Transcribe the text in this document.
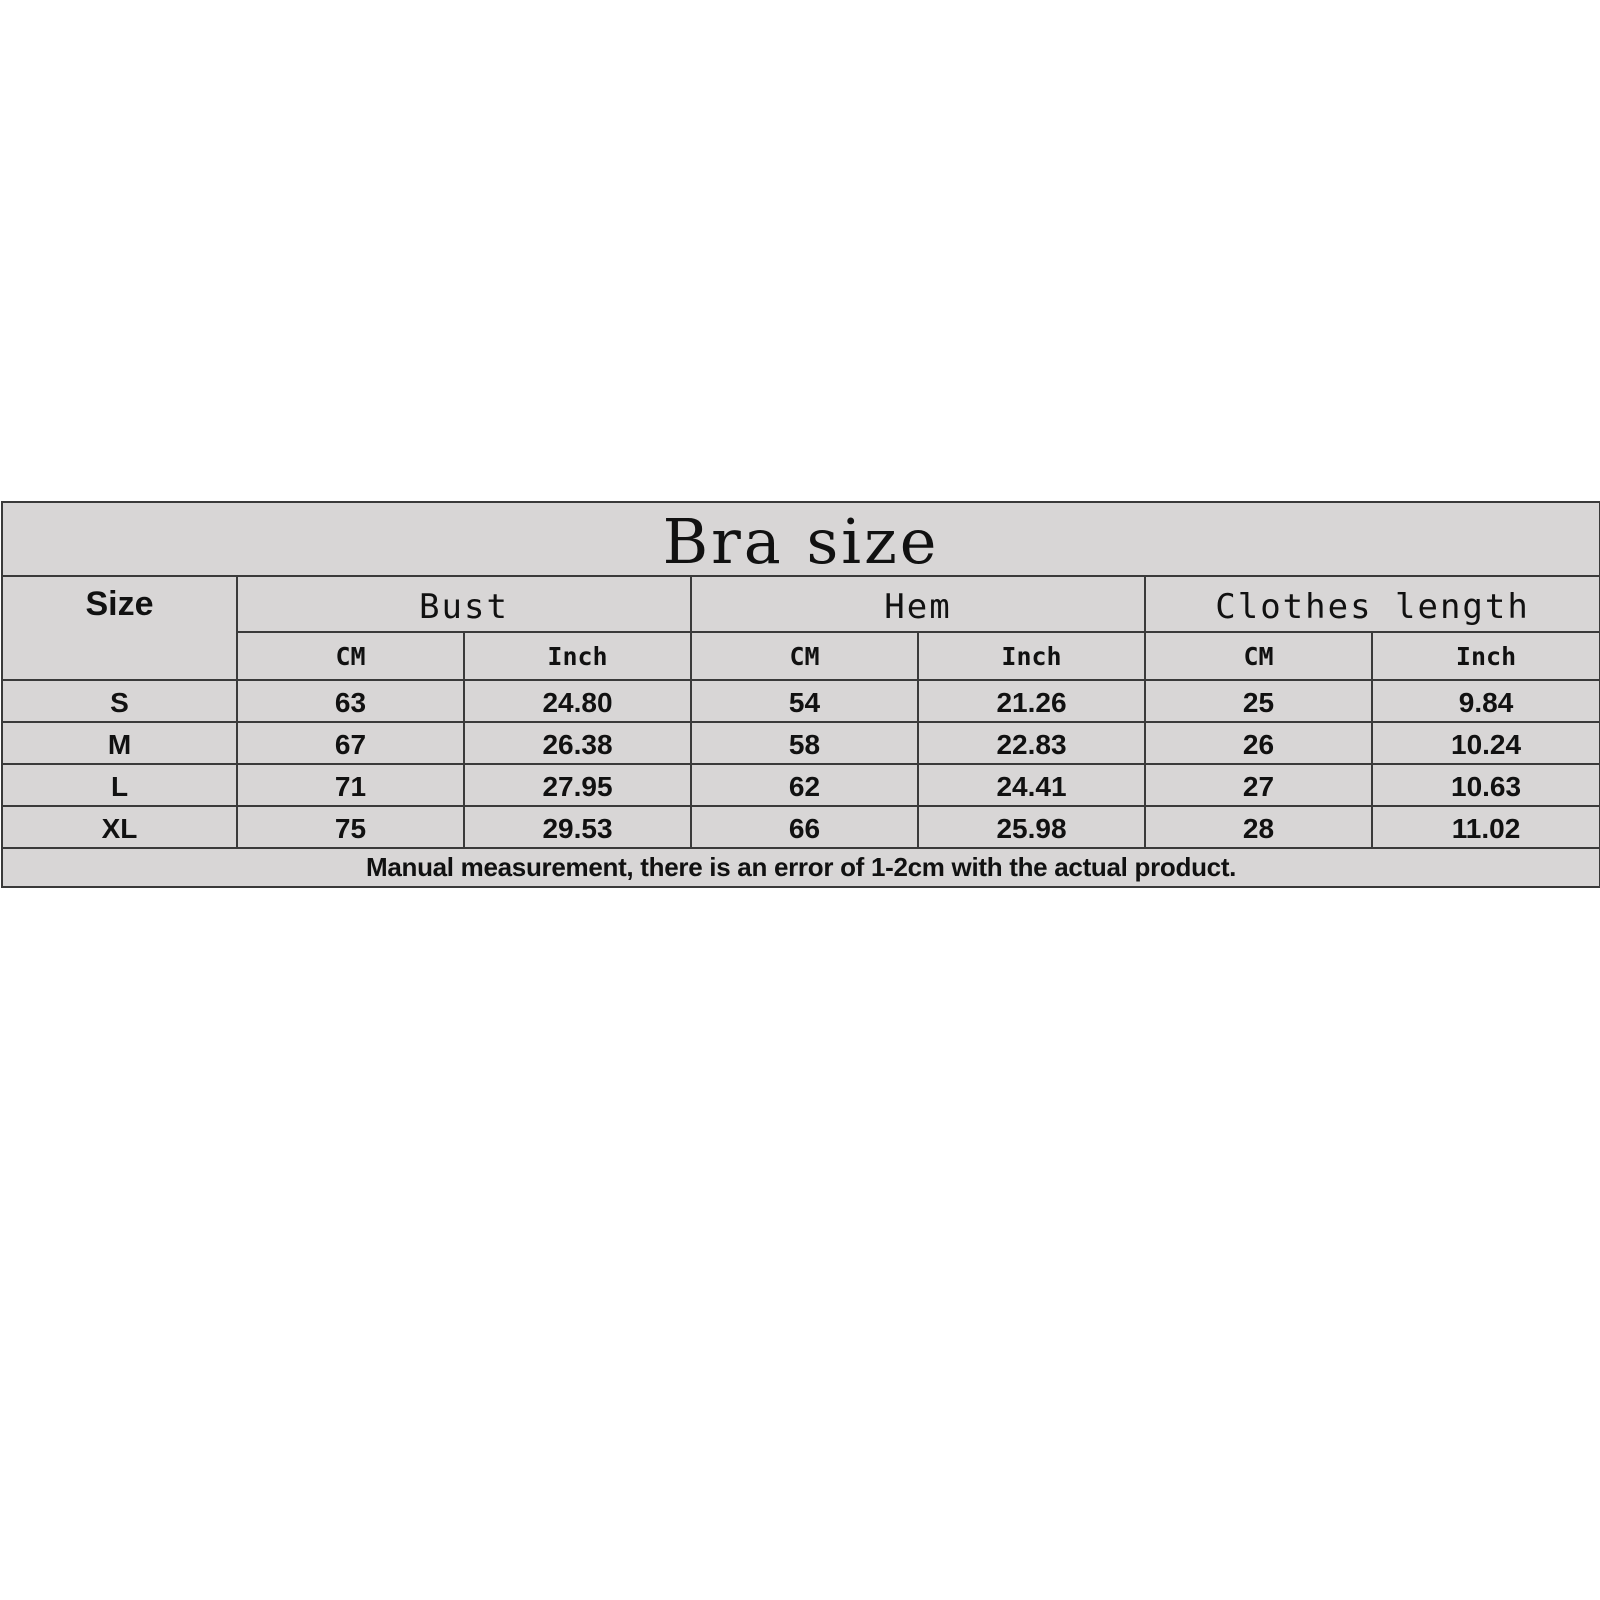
Bra size						
Size	Bust		Hem		Clothes length	
	CM	Inch	CM	Inch	CM	Inch
S	63	24.80	54	21.26	25	9.84
M	67	26.38	58	22.83	26	10.24
L	71	27.95	62	24.41	27	10.63
XL	75	29.53	66	25.98	28	11.02
Manual measurement, there is an error of 1-2cm with the actual product.						
